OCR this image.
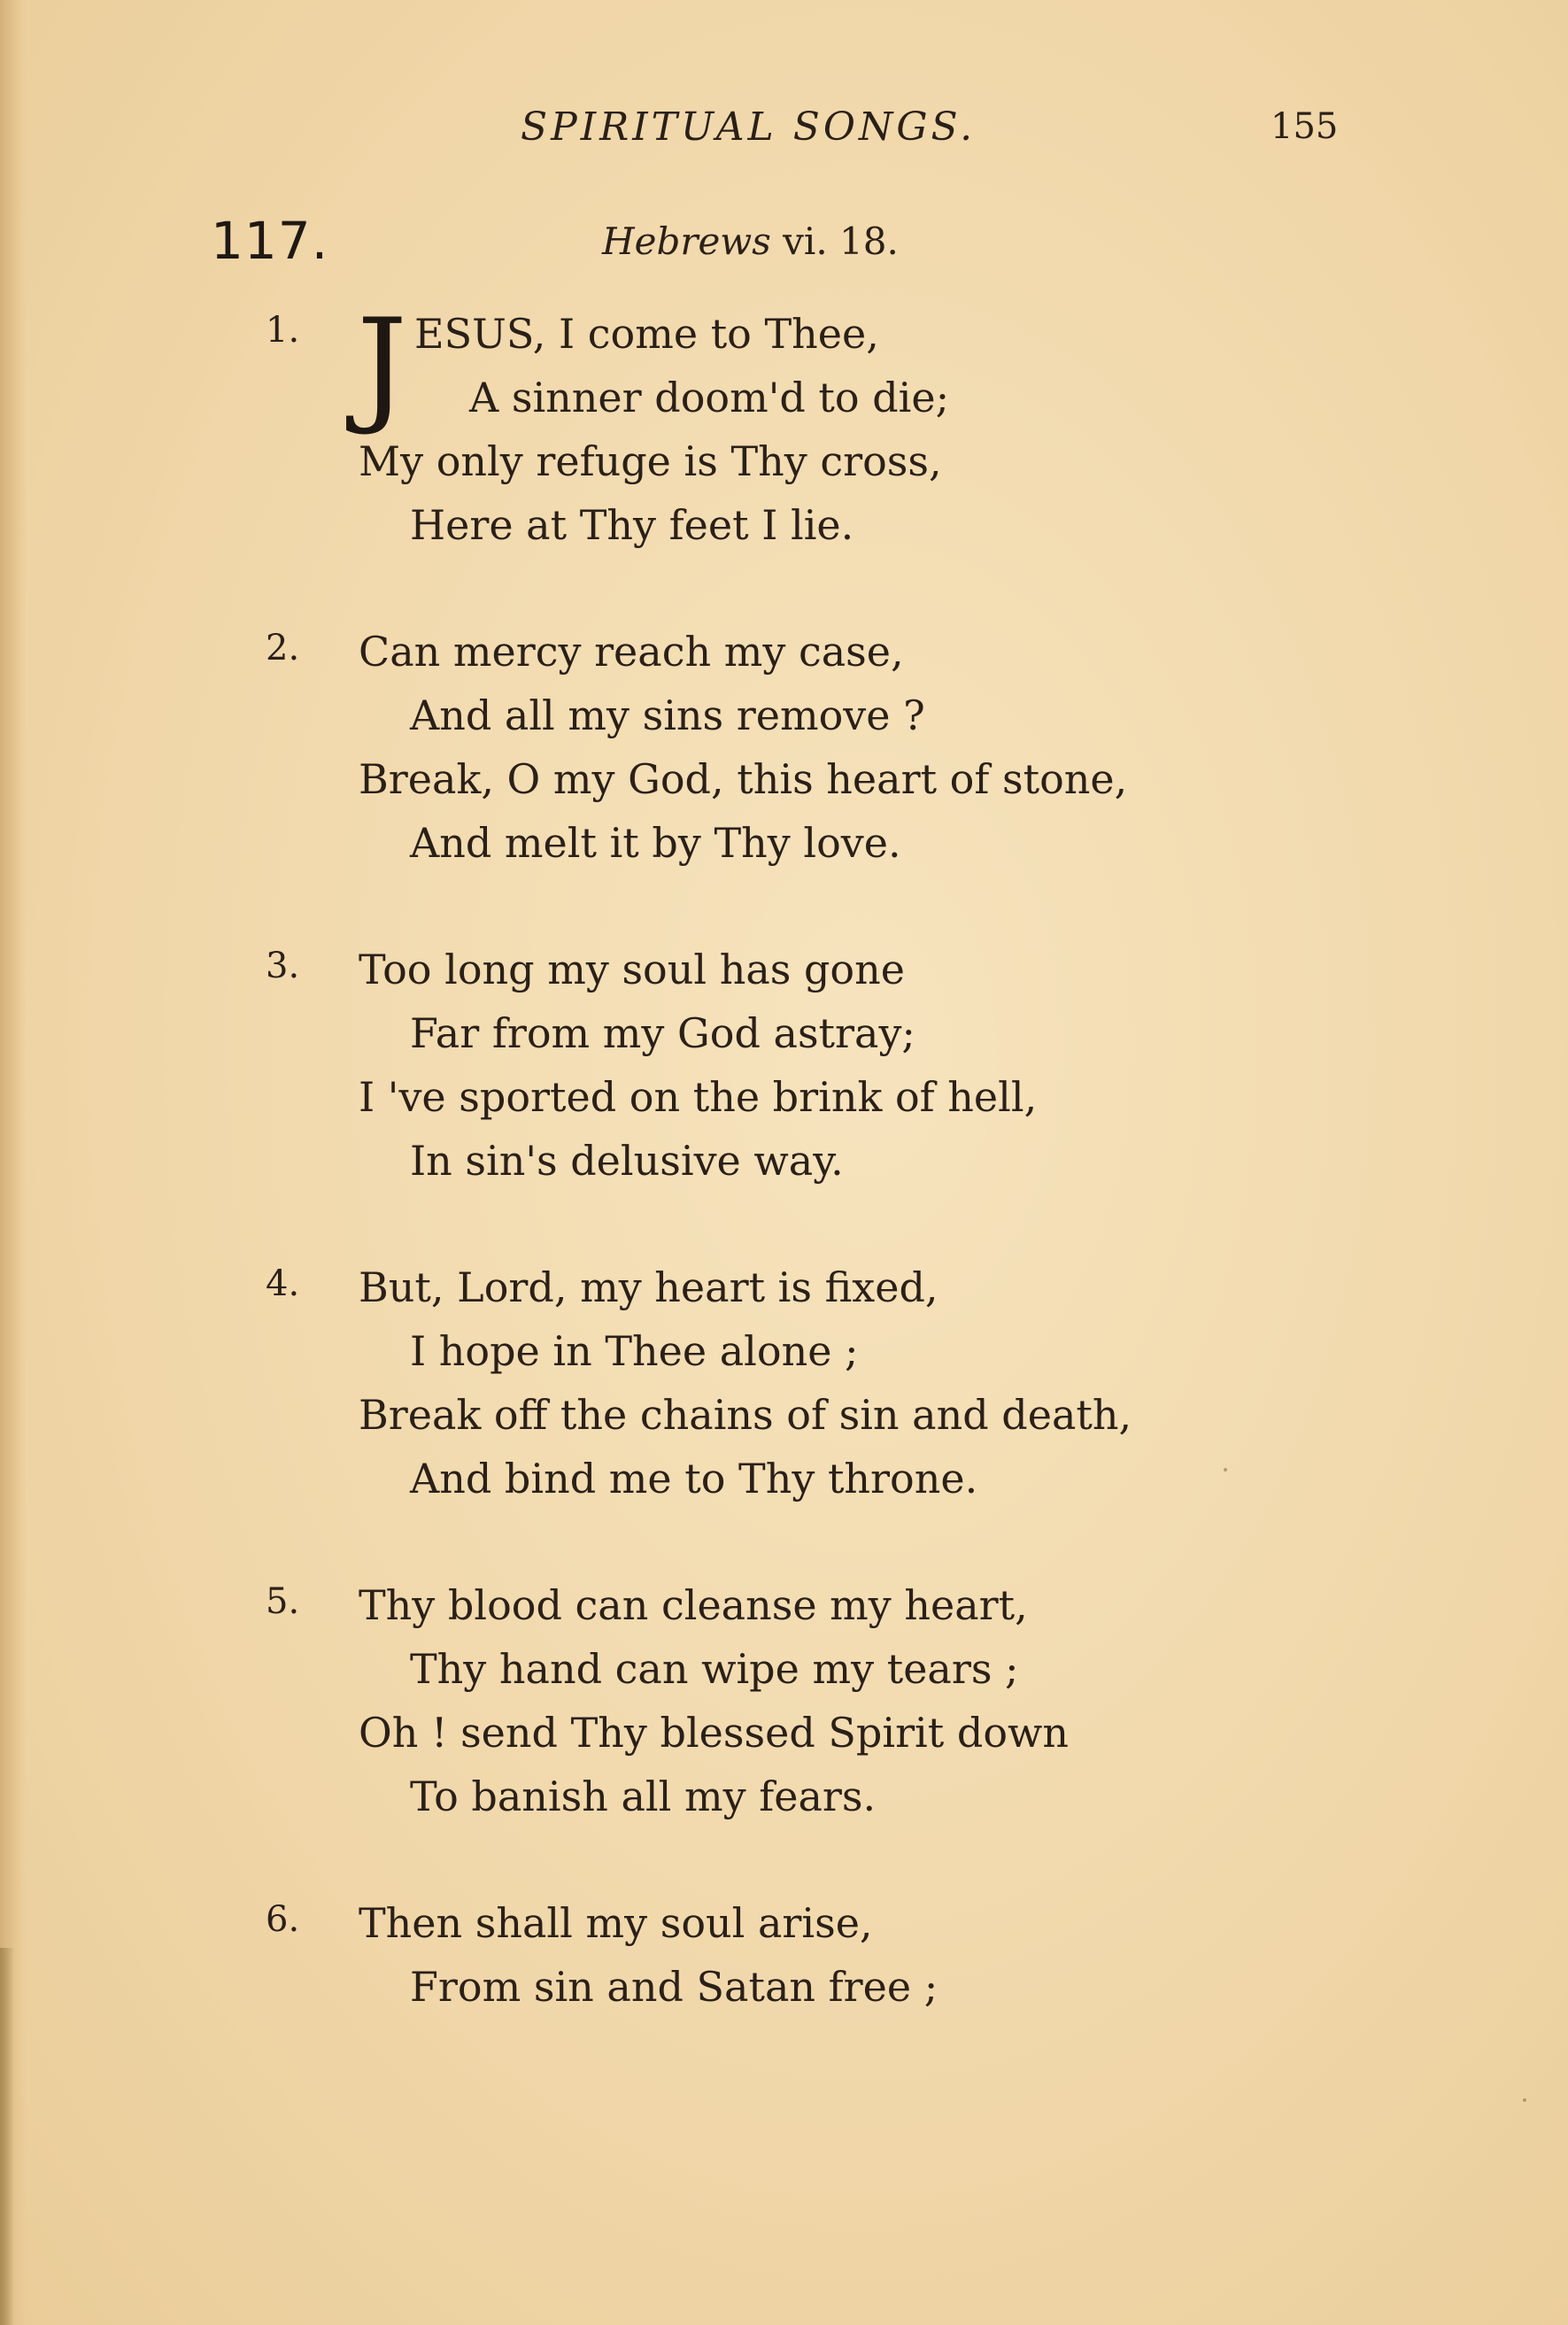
SPIRITUAL SONGS.	155
117.	Hebrews vi. 18.
J
1.	ESUS, I come to Thee,
A sinner doom'd to die;
My only refuge is Thy cross,
Here at Thy feet I lie.
2. Can mercy reach my case,
And all my sins remove ?
Break, O my God, this heart of stone,
And melt it by Thy love.
3. Too long my soul has gone
Far from my God astray;
I 've sported on the brink of hell,
In sin's delusive way.
4. But, Lord, my heart is fixed,
I hope in Thee alone ;
Break off the chains of sin and death,
And bind me to Thy throne.
5. Thy blood can cleanse my heart,
Thy hand can wipe my tears ;
Oh ! send Thy blessed Spirit down
To banish all my fears.
6. Then shall my soul arise,
From sin and Satan free ;
